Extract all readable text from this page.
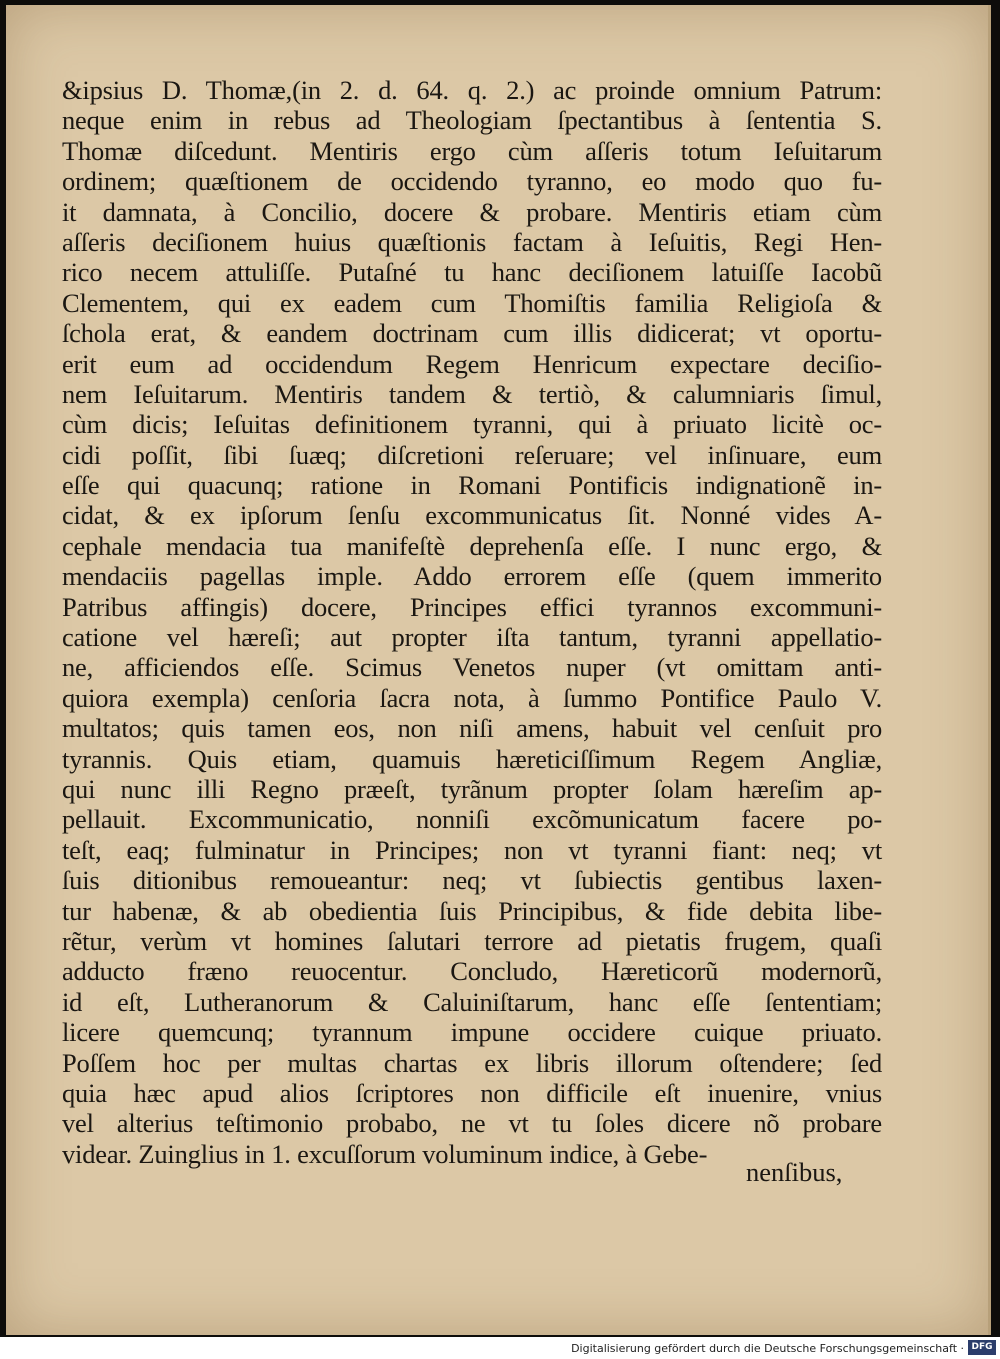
&ipsius D. Thomæ,(in 2. d. 64. q. 2.) ac proinde omnium Patrum:
neque enim in rebus ad Theologiam ſpectantibus à ſententia S.
Thomæ diſcedunt. Mentiris ergo cùm aſſeris totum Ieſuitarum
ordinem; quæſtionem de occidendo tyranno, eo modo quo fu-
it damnata, à Concilio, docere & probare. Mentiris etiam cùm
aſſeris deciſionem huius quæſtionis factam à Ieſuitis, Regi Hen-
rico necem attuliſſe. Putaſné tu hanc deciſionem latuiſſe Iacobũ
Clementem, qui ex eadem cum Thomiſtis familia Religioſa &
ſchola erat, & eandem doctrinam cum illis didicerat; vt oportu-
erit eum ad occidendum Regem Henricum expectare deciſio-
nem Ieſuitarum. Mentiris tandem & tertiò, & calumniaris ſimul,
cùm dicis; Ieſuitas definitionem tyranni, qui à priuato licitè oc-
cidi poſſit, ſibi ſuæq; diſcretioni reſeruare; vel inſinuare, eum
eſſe qui quacunq; ratione in Romani Pontificis indignationẽ in-
cidat, & ex ipſorum ſenſu excommunicatus ſit. Nonné vides A-
cephale mendacia tua manifeſtè deprehenſa eſſe. I nunc ergo, &
mendaciis pagellas imple. Addo errorem eſſe (quem immerito
Patribus affingis) docere, Principes effici tyrannos excommuni-
catione vel hæreſi; aut propter iſta tantum, tyranni appellatio-
ne, afficiendos eſſe. Scimus Venetos nuper (vt omittam anti-
quiora exempla) cenſoria ſacra nota, à ſummo Pontifice Paulo V.
multatos; quis tamen eos, non niſi amens, habuit vel cenſuit pro
tyrannis. Quis etiam, quamuis hæreticiſſimum Regem Angliæ,
qui nunc illi Regno præeſt, tyrãnum propter ſolam hæreſim ap-
pellauit. Excommunicatio, nonniſi excõmunicatum facere po-
teſt, eaq; fulminatur in Principes; non vt tyranni fiant: neq; vt
ſuis ditionibus remoueantur: neq; vt ſubiectis gentibus laxen-
tur habenæ, & ab obedientia ſuis Principibus, & fide debita libe-
rẽtur, verùm vt homines ſalutari terrore ad pietatis frugem, quaſi
adducto fræno reuocentur. Concludo, Hæreticorũ modernorũ,
id eſt, Lutheranorum & Caluiniſtarum, hanc eſſe ſententiam;
licere quemcunq; tyrannum impune occidere cuique priuato.
Poſſem hoc per multas chartas ex libris illorum oſtendere; ſed
quia hæc apud alios ſcriptores non difficile eſt inuenire, vnius
vel alterius teſtimonio probabo, ne vt tu ſoles dicere nõ probare
videar. Zuinglius in 1. excuſſorum voluminum indice, à Gebe-
nenſibus,
Digitalisierung gefördert durch die Deutsche Forschungsgemeinschaft · DFG
